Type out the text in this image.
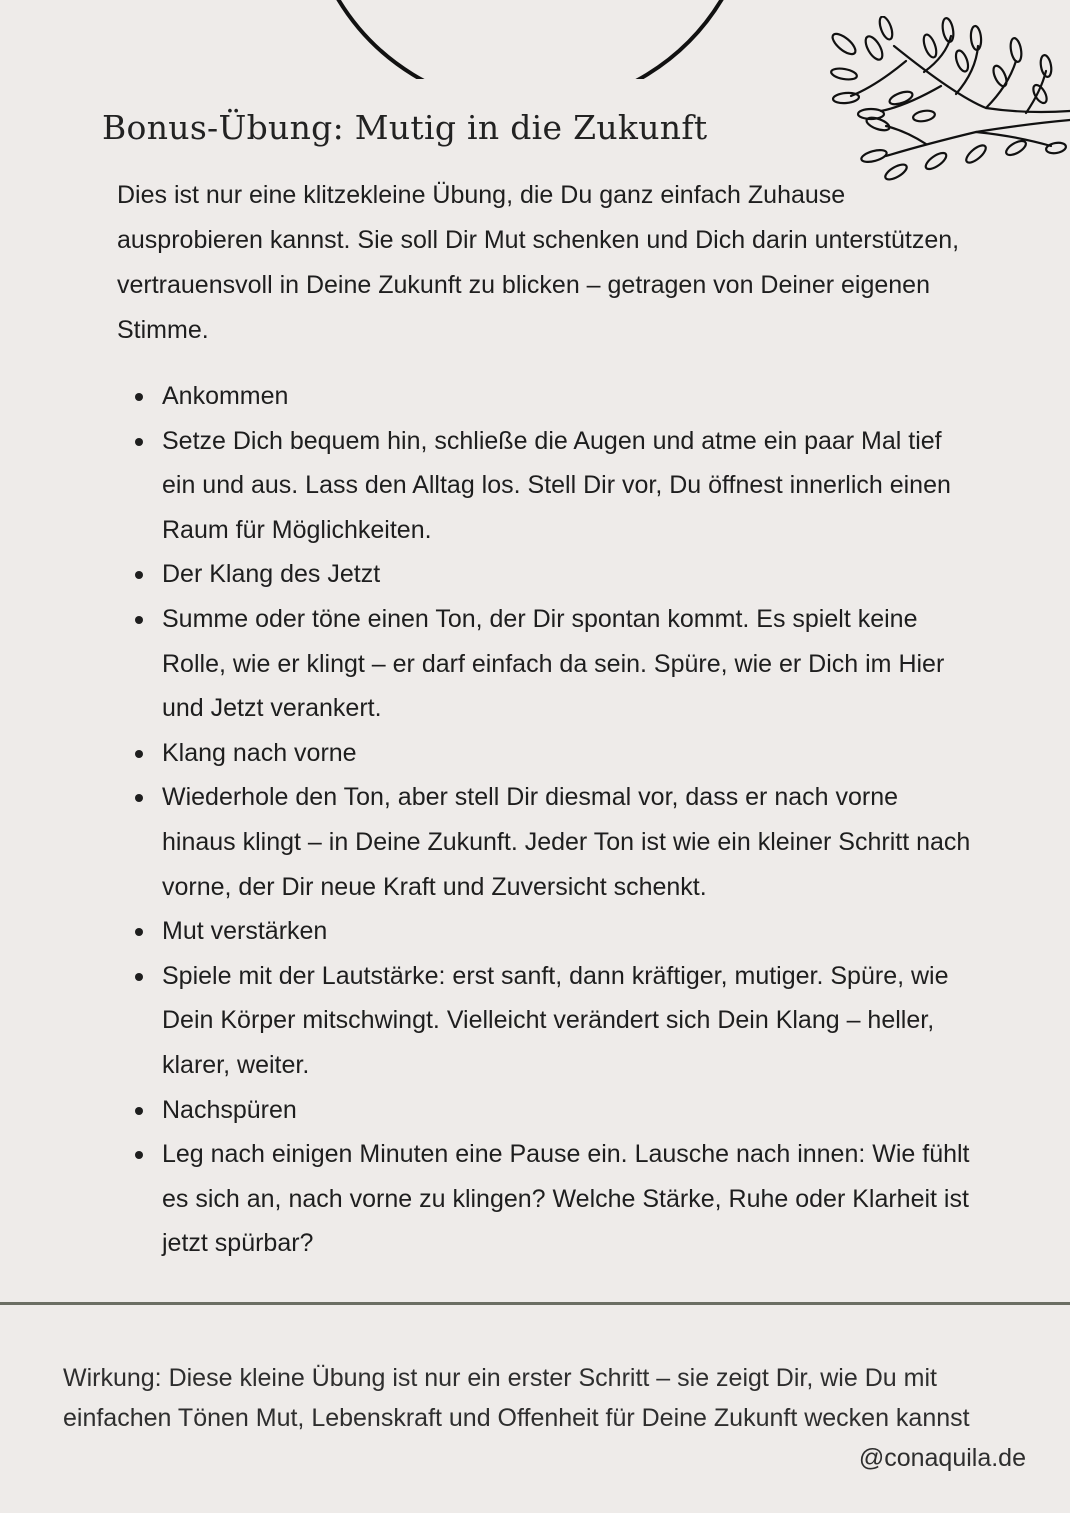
Bonus-Übung: Mutig in die Zukunft

Dies ist nur eine klitzekleine Übung, die Du ganz einfach Zuhause ausprobieren kannst. Sie soll Dir Mut schenken und Dich darin unterstützen, vertrauensvoll in Deine Zukunft zu blicken – getragen von Deiner eigenen Stimme.

Ankommen
Setze Dich bequem hin, schließe die Augen und atme ein paar Mal tief ein und aus. Lass den Alltag los. Stell Dir vor, Du öffnest innerlich einen Raum für Möglichkeiten.
Der Klang des Jetzt
Summe oder töne einen Ton, der Dir spontan kommt. Es spielt keine Rolle, wie er klingt – er darf einfach da sein. Spüre, wie er Dich im Hier und Jetzt verankert.
Klang nach vorne
Wiederhole den Ton, aber stell Dir diesmal vor, dass er nach vorne hinaus klingt – in Deine Zukunft. Jeder Ton ist wie ein kleiner Schritt nach vorne, der Dir neue Kraft und Zuversicht schenkt.
Mut verstärken
Spiele mit der Lautstärke: erst sanft, dann kräftiger, mutiger. Spüre, wie Dein Körper mitschwingt. Vielleicht verändert sich Dein Klang – heller, klarer, weiter.
Nachspüren
Leg nach einigen Minuten eine Pause ein. Lausche nach innen: Wie fühlt es sich an, nach vorne zu klingen? Welche Stärke, Ruhe oder Klarheit ist jetzt spürbar?

Wirkung: Diese kleine Übung ist nur ein erster Schritt – sie zeigt Dir, wie Du mit einfachen Tönen Mut, Lebenskraft und Offenheit für Deine Zukunft wecken kannst

@conaquila.de
